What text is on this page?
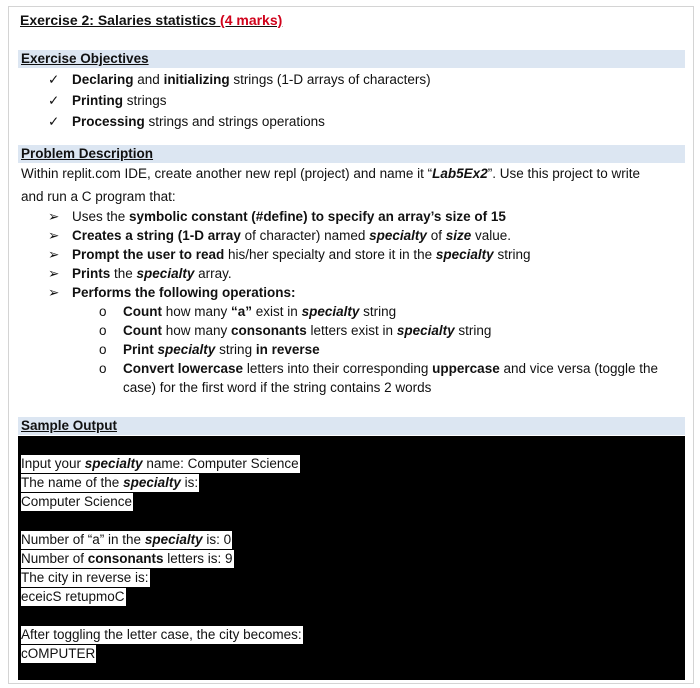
Exercise 2: Salaries statistics (4 marks)
Exercise Objectives
✓ Declaring and initializing strings (1-D arrays of characters)
✓ Printing strings
✓ Processing strings and strings operations
Problem Description
Within replit.com IDE, create another new repl (project) and name it “Lab5Ex2”. Use this project to write
and run a C program that:
➢ Uses the symbolic constant (#define) to specify an array’s size of 15
➢ Creates a string (1-D array of character) named specialty of size value.
➢ Prompt the user to read his/her specialty and store it in the specialty string
➢ Prints the specialty array.
➢ Performs the following operations:
o Count how many “a” exist in specialty string
o Count how many consonants letters exist in specialty string
o Print specialty string in reverse
o Convert lowercase letters into their corresponding uppercase and vice versa (toggle the
case) for the first word if the string contains 2 words
Sample Output
Input your specialty name: Computer Science
The name of the specialty is:
Computer Science
Number of “a” in the specialty is: 0
Number of consonants letters is: 9
The city in reverse is:
eceicS retupmoC
After toggling the letter case, the city becomes:
cOMPUTER
